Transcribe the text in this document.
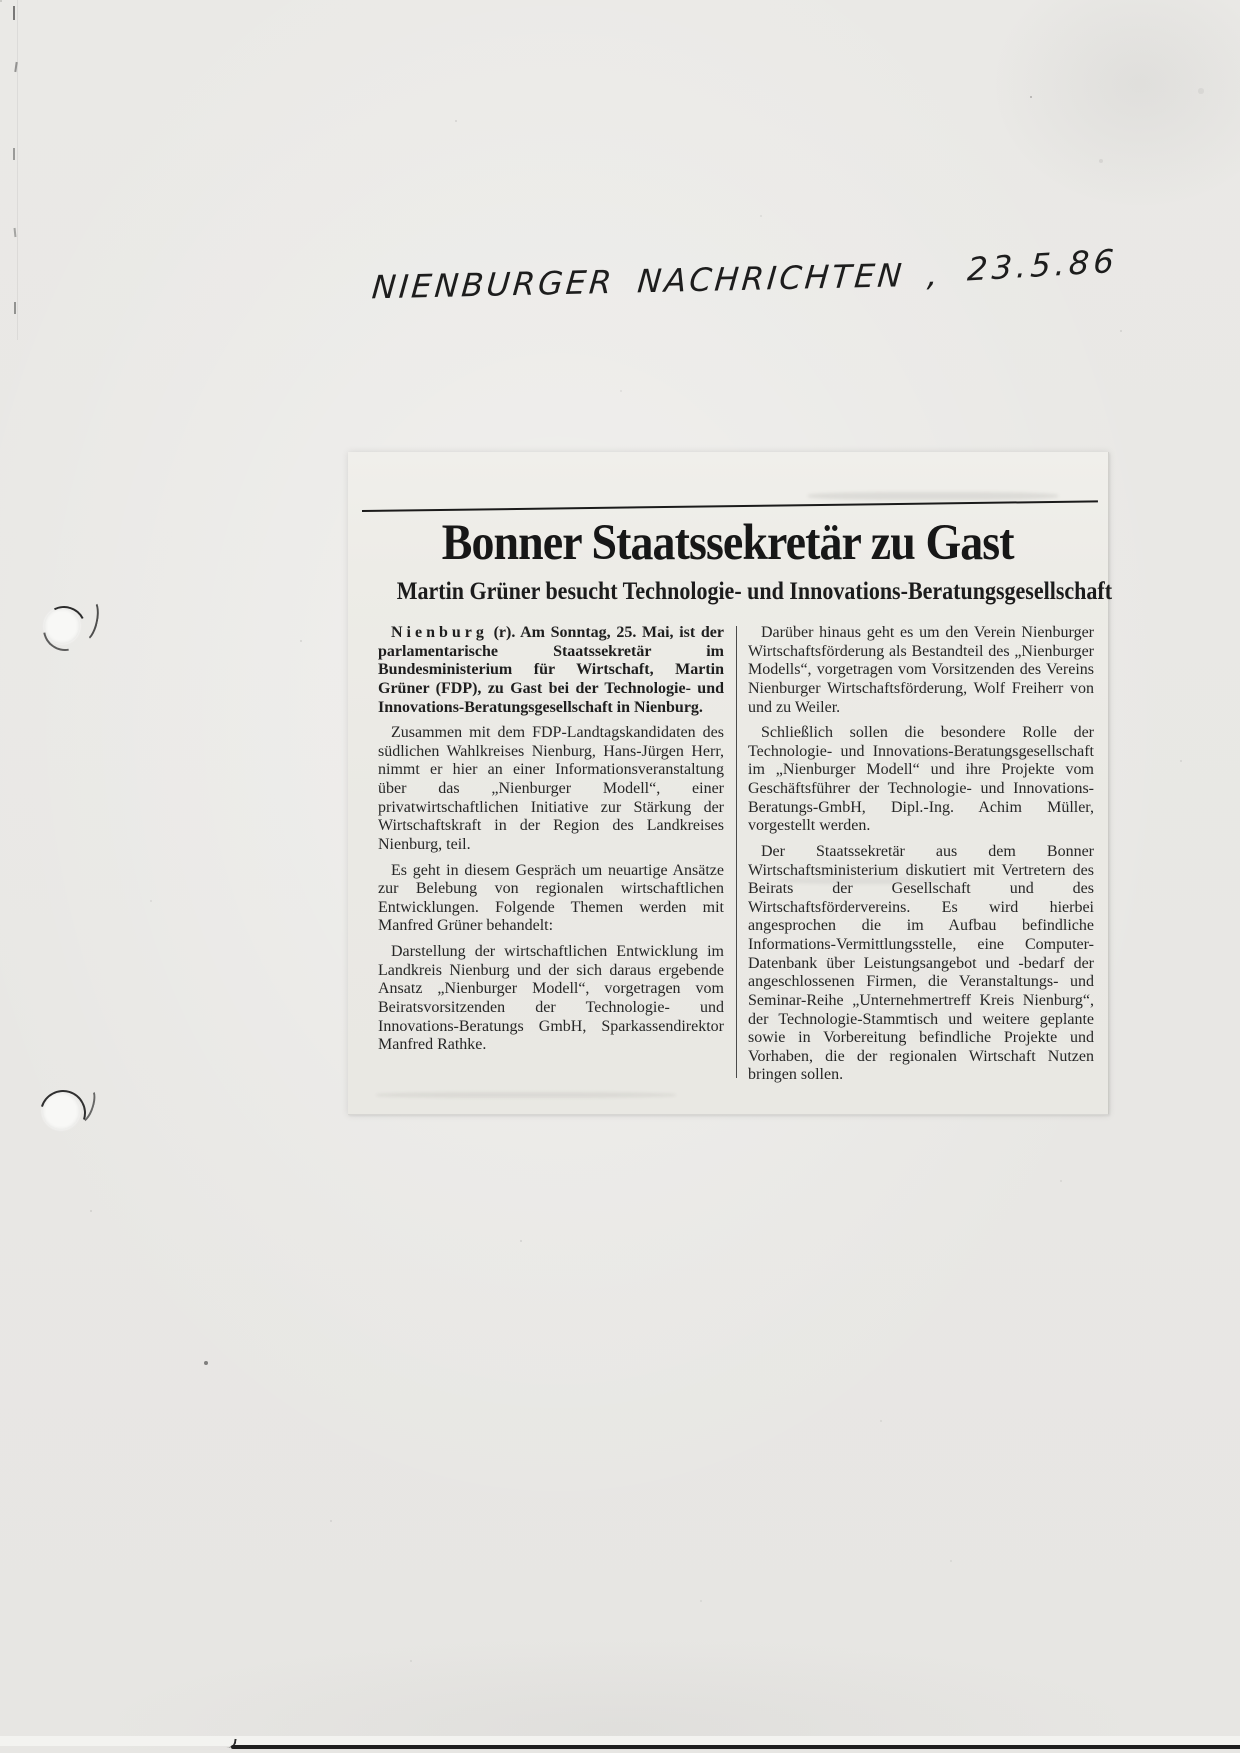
NIENBURGER NACHRICHTEN , 23.5.86
Bonner Staatssekretär zu Gast
Martin Grüner besucht Technologie- und Innovations-Beratungsgesellschaft

Nienburg (r). Am Sonntag, 25. Mai, ist der parlamentarische Staatssekretär im Bundesministerium für Wirtschaft, Martin Grüner (FDP), zu Gast bei der Technologie- und Innovations-Beratungsgesellschaft in Nienburg.

Zusammen mit dem FDP-Landtagskandidaten des südlichen Wahlkreises Nienburg, Hans-Jürgen Herr, nimmt er hier an einer Informationsveranstaltung über das „Nienburger Modell“, einer privatwirtschaftlichen Initiative zur Stärkung der Wirtschaftskraft in der Region des Landkreises Nienburg, teil.

Es geht in diesem Gespräch um neuartige Ansätze zur Belebung von regionalen wirtschaftlichen Entwicklungen. Folgende Themen werden mit Manfred Grüner behandelt:

Darstellung der wirtschaftlichen Entwicklung im Landkreis Nienburg und der sich daraus ergebende Ansatz „Nienburger Modell“, vorgetragen vom Beiratsvorsitzenden der Technologie- und Innovations-Beratungs GmbH, Sparkassendirektor Manfred Rathke.

Darüber hinaus geht es um den Verein Nienburger Wirtschaftsförderung als Bestandteil des „Nienburger Modells“, vorgetragen vom Vorsitzenden des Vereins Nienburger Wirtschaftsförderung, Wolf Freiherr von und zu Weiler.

Schließlich sollen die besondere Rolle der Technologie- und Innovations-Beratungsgesellschaft im „Nienburger Modell“ und ihre Projekte vom Geschäftsführer der Technologie- und Innovations-Beratungs-GmbH, Dipl.-Ing. Achim Müller, vorgestellt werden.

Der Staatssekretär aus dem Bonner Wirtschaftsministerium diskutiert mit Vertretern des Beirats der Gesellschaft und des Wirtschaftsfördervereins. Es wird hierbei angesprochen die im Aufbau befindliche Informations-Vermittlungsstelle, eine Computer-Datenbank über Leistungsangebot und -bedarf der angeschlossenen Firmen, die Veranstaltungs- und Seminar-Reihe „Unternehmertreff Kreis Nienburg“, der Technologie-Stammtisch und weitere geplante sowie in Vorbereitung befindliche Projekte und Vorhaben, die der regionalen Wirtschaft Nutzen bringen sollen.
